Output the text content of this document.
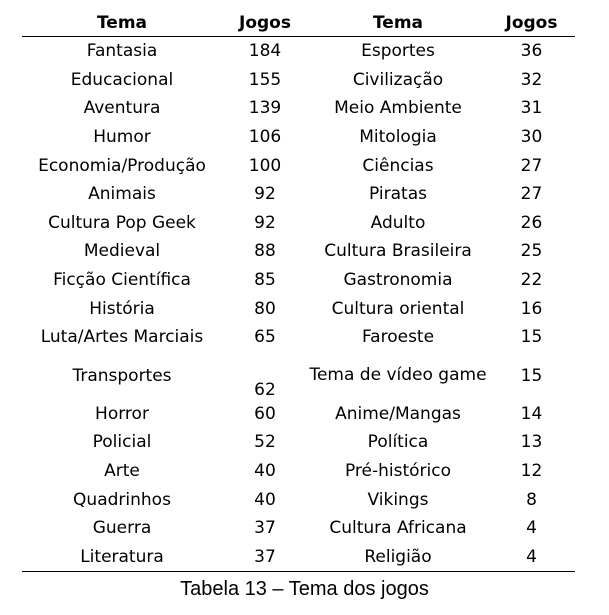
Tema	Jogos	Tema	Jogos
Fantasia	184	Esportes	36
Educacional	155	Civilização	32
Aventura	139	Meio Ambiente	31
Humor	106	Mitologia	30
Economia/Produção	100	Ciências	27
Animais	92	Piratas	27
Cultura Pop Geek	92	Adulto	26
Medieval	88	Cultura Brasileira	25
Ficção Científica	85	Gastronomia	22
História	80	Cultura oriental	16
Luta/Artes Marciais	65	Faroeste	15
Transportes	62	Tema de vídeo game	15
Horror	60	Anime/Mangas	14
Policial	52	Política	13
Arte	40	Pré-histórico	12
Quadrinhos	40	Vikings	8
Guerra	37	Cultura Africana	4
Literatura	37	Religião	4
Tabela 13 – Tema dos jogos
